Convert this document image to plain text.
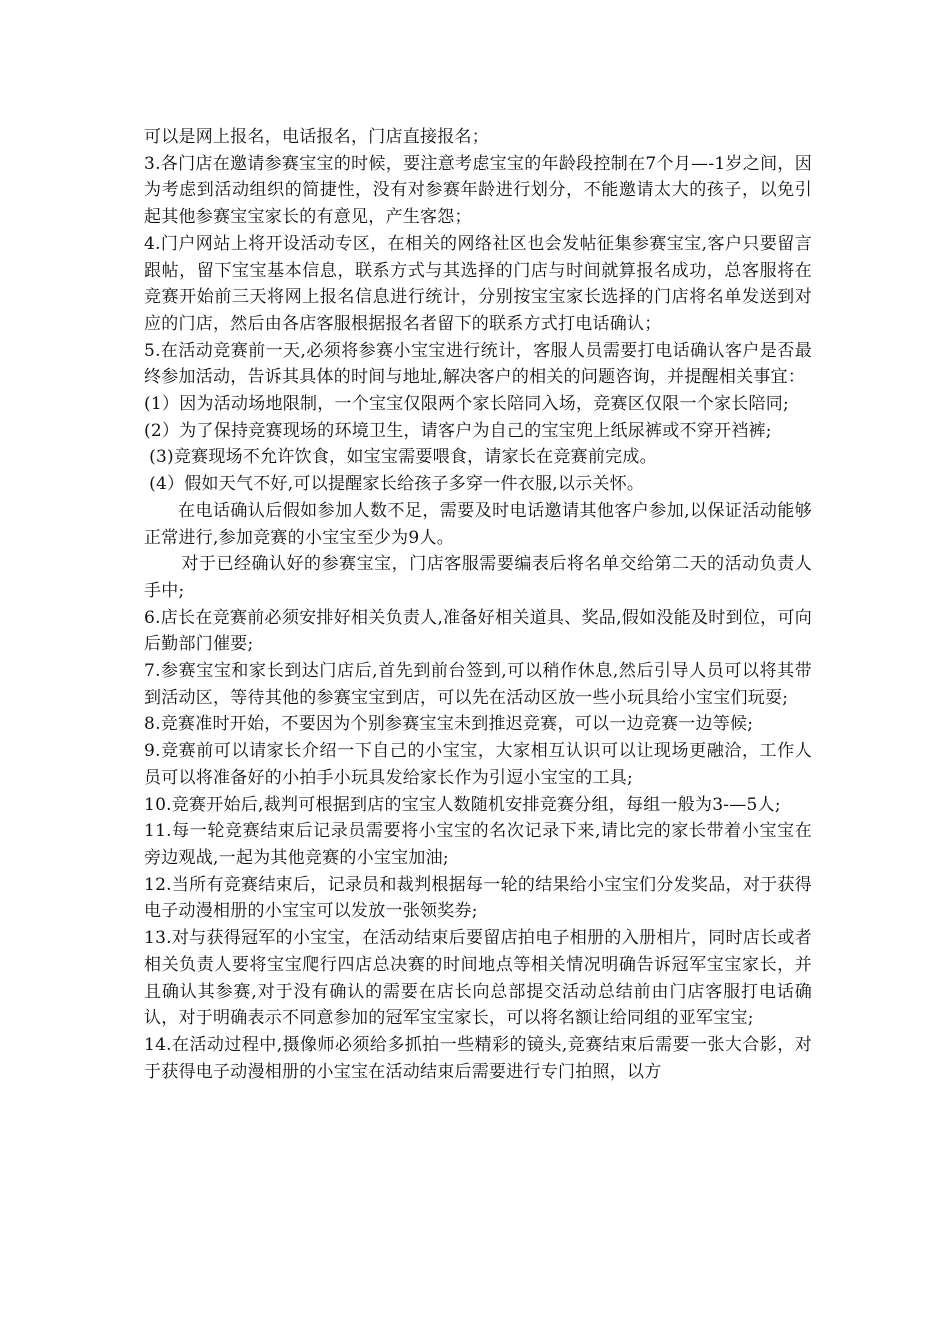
可以是网上报名，电话报名，门店直接报名；

3.各门店在邀请参赛宝宝的时候，要注意考虑宝宝的年龄段控制在7个月—-1岁之间，因为考虑到活动组织的简捷性，没有对参赛年龄进行划分，不能邀请太大的孩子，以免引起其他参赛宝宝家长的有意见，产生客怨；

4.门户网站上将开设活动专区，在相关的网络社区也会发帖征集参赛宝宝,客户只要留言跟帖，留下宝宝基本信息，联系方式与其选择的门店与时间就算报名成功，总客服将在竞赛开始前三天将网上报名信息进行统计，分别按宝宝家长选择的门店将名单发送到对应的门店，然后由各店客服根据报名者留下的联系方式打电话确认；

5.在活动竞赛前一天,必须将参赛小宝宝进行统计，客服人员需要打电话确认客户是否最终参加活动，告诉其具体的时间与地址,解决客户的相关的问题咨询，并提醒相关事宜：

(1）因为活动场地限制，一个宝宝仅限两个家长陪同入场，竞赛区仅限一个家长陪同;

(2）为了保持竞赛现场的环境卫生，请客户为自己的宝宝兜上纸尿裤或不穿开裆裤;

(3)竞赛现场不允许饮食，如宝宝需要喂食，请家长在竞赛前完成。

(4）假如天气不好,可以提醒家长给孩子多穿一件衣服,以示关怀。

在电话确认后假如参加人数不足，需要及时电话邀请其他客户参加,以保证活动能够正常进行,参加竞赛的小宝宝至少为9人。

对于已经确认好的参赛宝宝，门店客服需要编表后将名单交给第二天的活动负责人手中;

6.店长在竞赛前必须安排好相关负责人,准备好相关道具、奖品,假如没能及时到位，可向后勤部门催要;

7.参赛宝宝和家长到达门店后,首先到前台签到,可以稍作休息,然后引导人员可以将其带到活动区，等待其他的参赛宝宝到店，可以先在活动区放一些小玩具给小宝宝们玩耍;

8.竞赛准时开始，不要因为个别参赛宝宝未到推迟竞赛，可以一边竞赛一边等候;

9.竞赛前可以请家长介绍一下自己的小宝宝，大家相互认识可以让现场更融洽，工作人员可以将准备好的小拍手小玩具发给家长作为引逗小宝宝的工具;

10.竞赛开始后,裁判可根据到店的宝宝人数随机安排竞赛分组，每组一般为3-—5人;

11.每一轮竞赛结束后记录员需要将小宝宝的名次记录下来,请比完的家长带着小宝宝在旁边观战,一起为其他竞赛的小宝宝加油;

12.当所有竞赛结束后，记录员和裁判根据每一轮的结果给小宝宝们分发奖品，对于获得电子动漫相册的小宝宝可以发放一张领奖券;

13.对与获得冠军的小宝宝，在活动结束后要留店拍电子相册的入册相片，同时店长或者相关负责人要将宝宝爬行四店总决赛的时间地点等相关情况明确告诉冠军宝宝家长，并且确认其参赛,对于没有确认的需要在店长向总部提交活动总结前由门店客服打电话确认，对于明确表示不同意参加的冠军宝宝家长，可以将名额让给同组的亚军宝宝;

14.在活动过程中,摄像师必须给多抓拍一些精彩的镜头,竞赛结束后需要一张大合影，对于获得电子动漫相册的小宝宝在活动结束后需要进行专门拍照，以方
